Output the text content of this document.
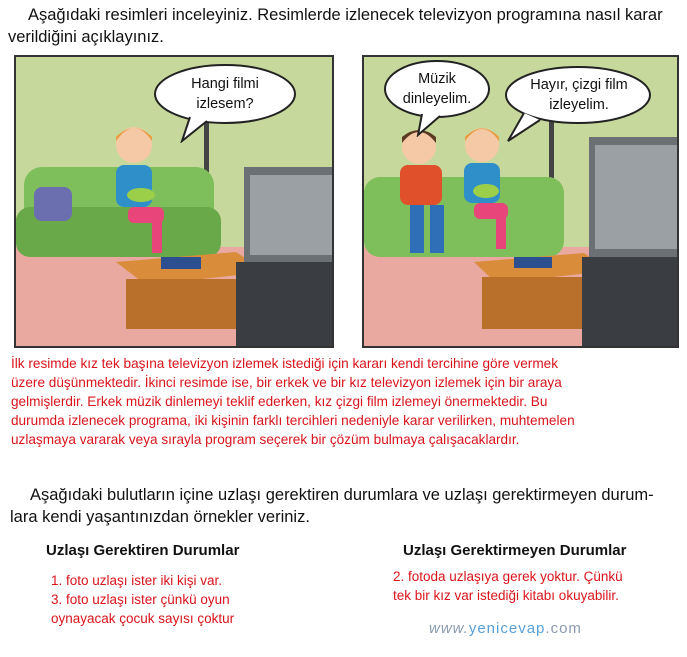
Aşağıdaki resimleri inceleyiniz. Resimlerde izlenecek televizyon programına nasıl karar
verildiğini açıklayınız.
Hangi filmi
izlesem?
Müzik
dinleyelim.
Hayır, çizgi film
izleyelim.
İlk resimde kız tek başına televizyon izlemek istediği için kararı kendi tercihine göre vermek
üzere düşünmektedir. İkinci resimde ise, bir erkek ve bir kız televizyon izlemek için bir araya
gelmişlerdir. Erkek müzik dinlemeyi teklif ederken, kız çizgi film izlemeyi önermektedir. Bu
durumda izlenecek programa, iki kişinin farklı tercihleri nedeniyle karar verilirken, muhtemelen
uzlaşmaya vararak veya sırayla program seçerek bir çözüm bulmaya çalışacaklardır.
Aşağıdaki bulutların içine uzlaşı gerektiren durumlara ve uzlaşı gerektirmeyen durum-
lara kendi yaşantınızdan örnekler veriniz.
Uzlaşı Gerektiren Durumlar
1. foto uzlaşı ister iki kişi var.
3. foto uzlaşı ister çünkü oyun
oynayacak çocuk sayısı çoktur
Uzlaşı Gerektirmeyen Durumlar
2. fotoda uzlaşıya gerek yoktur. Çünkü
tek bir kız var istediği kitabı okuyabilir.
www.yenicevap.com
